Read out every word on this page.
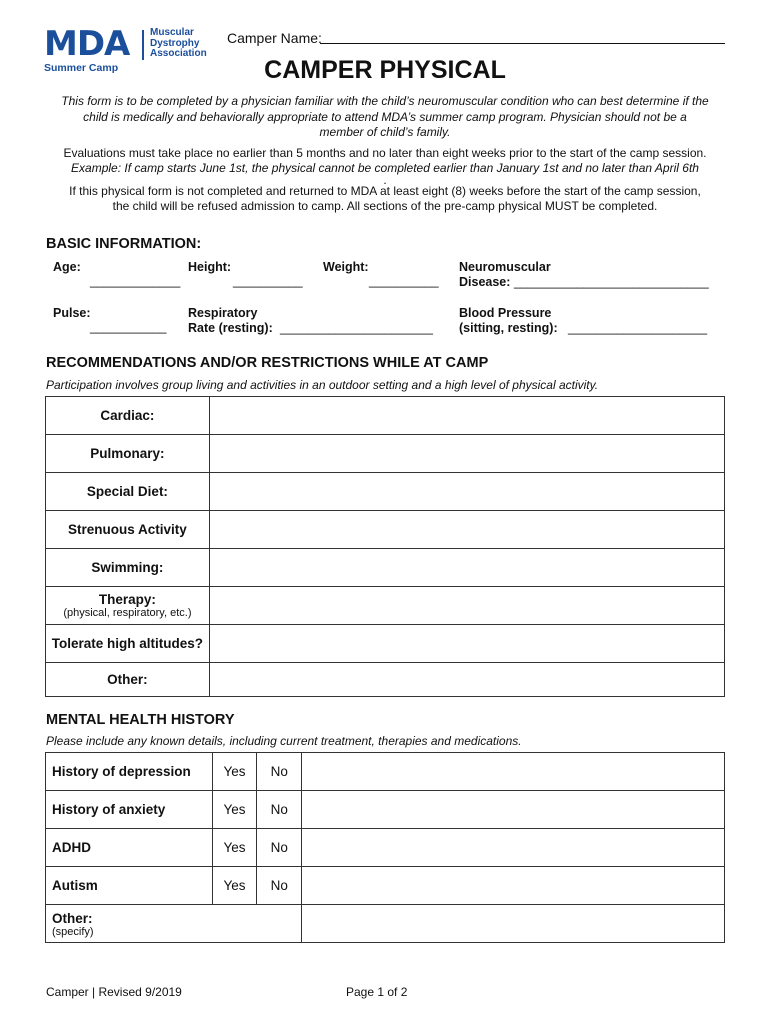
MDA
Summer Camp
Muscular
Dystrophy
Association
Camper Name:
CAMPER PHYSICAL
This form is to be completed by a physician familiar with the child’s neuromuscular condition who can best determine if the
child is medically and behaviorally appropriate to attend MDA’s summer camp program. Physician should not be a
member of child’s family.
Evaluations must take place no earlier than 5 months and no later than eight weeks prior to the start of the camp session.
Example: If camp starts June 1st, the physical cannot be completed earlier than January 1st and no later than April 6th
.
If this physical form is not completed and returned to MDA at least eight (8) weeks before the start of the camp session,
the child will be refused admission to camp. All sections of the pre-camp physical MUST be completed.
BASIC INFORMATION:
Age:
_____________
Height:
__________
Weight:
__________
Neuromuscular
Disease: ____________________________
Pulse:
___________
Respiratory
Rate (resting): ______________________
Blood Pressure
(sitting, resting): ____________________
RECOMMENDATIONS AND/OR RESTRICTIONS WHILE AT CAMP
Participation involves group living and activities in an outdoor setting and a high level of physical activity.
Cardiac:	
Pulmonary:	
Special Diet:	
Strenuous Activity	
Swimming:	
Therapy:
(physical, respiratory, etc.)	

Tolerate high altitudes?	
Other:	
MENTAL HEALTH HISTORY
Please include any known details, including current treatment, therapies and medications.
History of depression	Yes	No	
History of anxiety	Yes	No	
ADHD	Yes	No	
Autism	Yes	No	

Other:
(specify)			

Camper | Revised 9/2019	Page 1 of 2
